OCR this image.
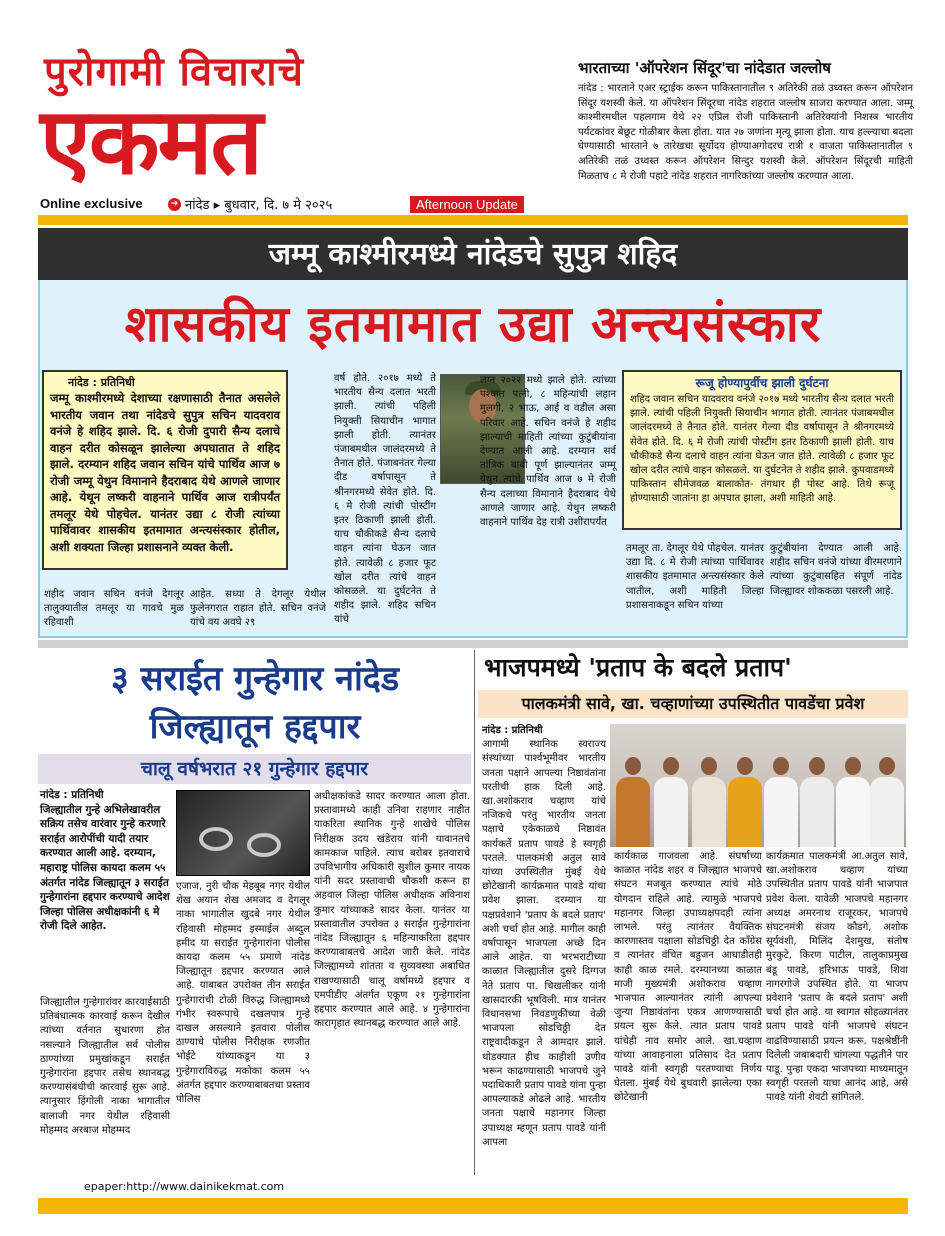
पुरोगामी विचाराचे
एकमत
Online exclusive	➔ नांदेड ▸ बुधवार, दि. ७ मे २०२५	Afternoon Update
भारताच्या 'ऑपरेशन सिंदूर'चा नांदेडात जल्लोष
नांदेड : भारताने एअर स्ट्राईक करून पाकिस्तानातील ९ अतिरेकी तळं उध्वस्त करून ऑपरेशन सिंदूर यशस्वी केले. या ऑपरेशन सिंदूरचा नांदेड शहरात जल्लोष साजरा करण्यात आला. जम्मू काश्मीरमधील पहलगाम येथे २२ एप्रिल रोजी पाकिस्तानी अतिरेक्यांनी निशस्त्र भारतीय पर्यटकांवर बेछूट गोळीबार केला होता. यात २७ जणांना मृत्यू झाला होता. याच हल्ल्याचा बदला घेण्यासाठी भारताने ७ तारेखचा सूर्योदय होण्याअगोदरच रात्री १ वाजता पाकिस्तानातील ९ अतिरेकी तळं उध्वस्त करून ऑपरेशन सिन्दुर यशस्वी केले. ऑपरेशन सिंदूरची माहिती मिळताच ८ मे रोजी पहाटे नांदेड शहरात नागरिकांच्या जल्लोष करण्यात आला.
जम्मू काश्मीरमध्ये नांदेडचे सुपुत्र शहिद
शासकीय इतमामात उद्या अन्त्यसंस्कार
नांदेड : प्रतिनिधी
जम्मू काश्मीरमध्ये देशाच्या रक्षणासाठी तैनात असलेले भारतीय जवान तथा नांदेडचे सुपुत्र सचिन यादवराव वनंजे हे शहिद झाले. दि. ६ रोजी दुपारी सैन्य दलाचे वाहन दरीत कोसळून झालेल्या अपघातात ते शहिद झाले. दरम्यान शहिद जवान सचिन यांचे पार्थिव आज ७ रोजी जम्मू येथुन विमानाने हैदराबाद येथे आणले जाणार आहे. येथून लष्करी वाहनाने पार्थिव आज रात्रीपर्यंत तमलूर येथे पोहचेल. यानंतर उद्या ८ रोजी त्यांच्या पार्थिवावर शासकीय इतमामात अन्त्यसंस्कार होतील, अशी शक्यता जिल्हा प्रशासनाने व्यक्त केली.
वर्ष होते. २०१७ मध्ये ते भारतीय सैन्य दलात भरती झाली. त्यांची पहिली नियुक्ती सियाचीन भागात झाली होती. त्यानंतर पंजाबमधील जालंदरमध्ये ते तैनात होते. पंजाबनंतर गेल्या दीड वर्षापासून ते श्रीनगरमध्ये सेवेत होते. दि. ६ मे रोजी त्यांची पोस्टींग इतर ठिकाणी झाली होती. याच चौकीकडे सैन्य दलाचे वाहन त्यांना घेऊन जात होते. त्यावेळी ८ हजार फूट खोल दरीत त्यांचे वाहन कोसळले. या दुर्घटनेत ते शहीद झाले. शहिद सचिन यांचे
लग्न २०२२ मध्ये झाले होते. त्यांच्या पश्चात पत्नी, ८ महिन्यांची लहान मुलगी, २ भाऊ, आई व वडील असा परिवार आहे. सचिन वनंजे हे शहीद झाल्याची माहिती त्यांच्या कुटुंबीयांना देण्यात आली आहे. दरम्यान सर्व तांत्रिक बाबी पूर्ण झाल्यानंतर जम्मू येथुन त्यांचे पार्थिव आज ७ मे रोजी सैन्य दलाच्या विमानाने हैदराबाद येथे आणले जाणार आहे. येथुन लष्करी वाहनाने पार्थिव देह रात्री उशीरापर्यंत
रूजू होण्यापुर्वीच झाली दुर्घटना
शहिद जवान सचिन यादवराव वनंजे २०१७ मध्ये भारतीय सैन्य दलात भरती झाले. त्यांची पहिली नियुक्ती सियाचीन भागात होती. त्यानंतर पंजाबमधील जालंदरमध्ये ते तैनात होते. यानंतर गेल्या दीड वर्षापासून ते श्रीनगरमध्ये सेवेत होते. दि. ६ मे रोजी त्यांची पोस्टींग इतर ठिकाणी झाली होती. याच चौकीकडे सैन्य दलाचे वाहन त्यांना घेऊन जात होते. त्यावेळी ८ हजार फूट खोल दरीत त्यांचे वाहन कोसळले. या दुर्घटनेत ते शहीद झाले. कुपवाडमध्ये पाकिस्तान सीमेजवळ बालाकोत- तंगधार ही पोस्ट आहे. तिथे रूजू होण्यासाठी जातांना हा अपघात झाला, अशी माहिती आहे.
शहीद जवान सचिन वनंजे देगलूर तालुक्यातील तमलूर या गावचे मुळ रहिवाशी
आहेत. सध्या ते देगलूर येथील फुलेनगरात राहात होते. सचिन वनंजे यांचे वय अवघे २९
तमलूर ता. देगलूर येथे पोहचेल. यानंतर उद्या दि. ८ मे रोजी त्यांच्या पार्थिवावर शासकीय इतमामात अन्त्यसंस्कार केले जातील, अशी माहिती जिल्हा प्रशासनाकडून सचिन यांच्या
कुटुंबीयांना देण्यात आली आहे. शहीद सचिन वनंजे यांच्या वीरमरणाने त्यांच्या कुटुंबासहित संपूर्ण नांदेड जिल्ह्यावर शोककळा पसरली आहे.
३ सराईत गुन्हेगार नांदेड
जिल्ह्यातून हद्दपार
चालू वर्षभरात २१ गुन्हेगार हद्दपार
नांदेड : प्रतिनिधी
जिल्ह्यातील गुन्हे अभिलेखावरील सक्रिय तसेच वारंवार गुन्हे करणारे सराईत आरोपींची यादी तयार करण्यात आली आहे. दरम्यान, महाराष्ट्र पोलिस कायदा कलम ५५ अंतर्गत नांदेड जिल्ह्यातून ३ सराईत गुन्हेगारांना हद्दपार करण्याचे आदेश जिल्हा पोलिस अधीक्षकांनी ६ मे रोजी दिले आहेत.
जिल्ह्यातील गुन्हेगारांवर कारवाईसाठी प्रतिबंधात्मक कारवाई करून देखील त्यांच्या वर्तनात सुधारणा होत नसल्याने जिल्ह्यातील सर्व पोलीस ठाण्यांच्या प्रमुखांकडून सराईत गुन्हेगारांना हद्दपार तसेच स्थानबद्ध करण्यासंबंधीची कारवाई सुरू आहे. त्यानुसार हिंगोली नाका भागातील बालाजी नगर येथील रहिवासी मोहम्मद अरबाज मोहम्मद
एजाज, नुरी चौक मेहबूब नगर येथील शेख अयान शेख अमजद व देगलूर नाका भागातील खुदबे नगर येथील रहिवासी मोहम्मद इस्माईल अब्दुल हमीद या सराईत गुन्हेगारांना पोलीस कायदा कलम ५५ प्रमाणे नांदेड जिल्ह्यातून हद्दपार करण्यात आले आहे. याबाबत उपरोक्त तीन सराईत गुन्हेगारांची टोळी विरुद्ध जिल्ह्यामध्ये गंभीर स्वरूपाचे दखलपात्र गुन्हे दाखल असल्याने इतवारा पोलीस ठाण्याचे पोलीस निरीक्षक रणजीत भोईटे यांच्याकडून या ३ गुन्हेगाराविरुद्ध मकोका कलम ५५ अंतर्गत हद्दपार करण्याबाबतचा प्रस्ताव पोलिस
अधीक्षकांकडे सादर करण्यात आला होता. प्रस्तावामध्ये काही उनिवा राहणार नाहीत याकरिता स्थानिक गुन्हे शाखेचे पोलिस निरीक्षक उदय खंडेराय यांनी यावानतचे कामकाज पाहिले. त्याच बरोबर इतवाराचे उपविभागीय अधिकारी सुशील कुमार नायक यांनी सदर प्रस्तावाची चौकशी करून हा अहवाल जिल्हा पोलिस अधीक्षक अविनाश कुमार यांच्याकडे सादर केला. यानंतर या प्रस्तावातील उपरोक्त ३ सराईत गुन्हेगारांना नांदेड जिल्ह्यातून ६ महिन्याकरिता हद्दपार करण्याबाबतचे आदेश जारी केले. नांदेड जिल्ह्यामध्ये शांतता व सुव्यवस्था अबाधित राखण्यासाठी चालू वर्षामध्ये हद्दपार व एमपीडीए अंतर्गत एकूण २१ गुन्हेगारांना हद्दपार करण्यात आले आहे. ४ गुन्हेगारांना कारागृहात स्थानबद्ध करण्यात आले आहे.
भाजपमध्ये 'प्रताप के बदले प्रताप'
पालकमंत्री सावे, खा. चव्हाणांच्या उपस्थितीत पावडेंचा प्रवेश
नांदेड : प्रतिनिधी
आगामी स्थानिक स्वराज्य संस्थांच्या पार्श्वभूमीवर भारतीय जनता पक्षाने आपल्या निष्ठावंतांना परतीची हाक दिली आहे. खा.अशोकराव चव्हाण यांचे नजिकचे परंतु भारतीय जनता पक्षाचे एकेकाळचे निष्ठावंत कार्यकर्ते प्रताप पावडे हे स्वगृही परतले. पालकमंत्री अतुल सावे यांच्या उपस्थितीत मुंबई येथे छोटेखानी कार्यक्रमात पावडे यांचा प्रवेश झाला. दरम्यान या पक्षप्रवेशाने 'प्रताप के बदले प्रताप' अशी चर्चा होत आहे. मागील काही वर्षापासून भाजपला अच्छे दिन आले आहेत. या भरभराटीच्या काळात जिल्ह्यातील दुसरे दिग्गज नेते प्रताप पा. चिखलीकर यांनी खासदारकी भूषविली. मात्र यानंतर विधानसभा निवडणुकीच्या वेळी भाजपला सोडचिठ्ठी देत राष्ट्रवादीकडून ते आमदार झाले. थोडक्यात हीच काहीशी उणीव भरून काढण्यासाठी भाजपचे जुने पदाधिकारी प्रताप पावडे यांना पुन्हा आपल्याकडे ओढले आहे. भारतीय जनता पक्षाचे महानगर जिल्हा उपाध्यक्ष म्हणून प्रताप पावडे यांनी आपला
कार्यकाळ गाजवला आहे. संघर्षाच्या काळात नांदेड शहर व जिल्ह्यात भाजपचे संघटन मजबूत करण्यात त्यांचे मोठे योगदान राहिले आहे. त्यामुळे भाजपचे महानगर जिल्हा उपाध्यक्षपदही त्यांना लाभले. परंतु त्यानंतर वैयक्तिक कारणास्तव पक्षाला सोडचिठ्ठी देत काँग्रेस व त्यानंतर वंचित बहुजन आघाडीतही काही काळ रमले. दरम्यानच्या काळात माजी मुख्यमंत्री अशोकराव चव्हाण भाजपात आल्यानंतर त्यांनी आपल्या जुन्या निष्ठावंतांना एकत्र आणण्यासाठी प्रयत्न सुरू केले. त्यात प्रताप पावडे यांचेही नाव समोर आले. खा.चव्हाण यांच्या आवाहनाला प्रतिसाद देत प्रताप पावडे यांनी स्वगृही परतण्याचा निर्णय घेतला. मुंबई येथे बुधवारी झालेल्या एका छोटेखानी
कार्यक्रमात पालकमंत्री आ.अतुल सावे, खा.अशोकराव चव्हाण यांच्या उपस्थितीत प्रताप पावडे यांनी भाजपात प्रवेश केला. यावेळी भाजपचे महानगर अध्यक्ष अमरनाथ राजूरकर, भाजपचे संघटनमंत्री संजय कौडगे, अशोक सूर्यवंशी, मिलिंद देशमुख, संतोष मुरकुटे, किरण पाटील, तालुकाप्रमुख बंडू पावडे, हरिभाऊ पावडे, शिवा नागरगोजे उपस्थित होते. या भाजप प्रवेशाने 'प्रताप के बदले प्रताप' अशी चर्चा होत आहे. या स्वागत सोहळ्यानंतर प्रताप पावडे यांनी भाजपचे संघटन वाढविण्यासाठी प्रयत्न करू. पक्षश्रेष्ठींनी दिलेली जबाबदारी चांगल्या पद्धतीने पार पाडू. पुन्हा एकदा भाजपच्या माध्यमातून स्वगृही परतलो याचा आनंद आहे, असे पावडे यांनी शेवटी सांगितले.
epaper:http://www.dainikekmat.com
